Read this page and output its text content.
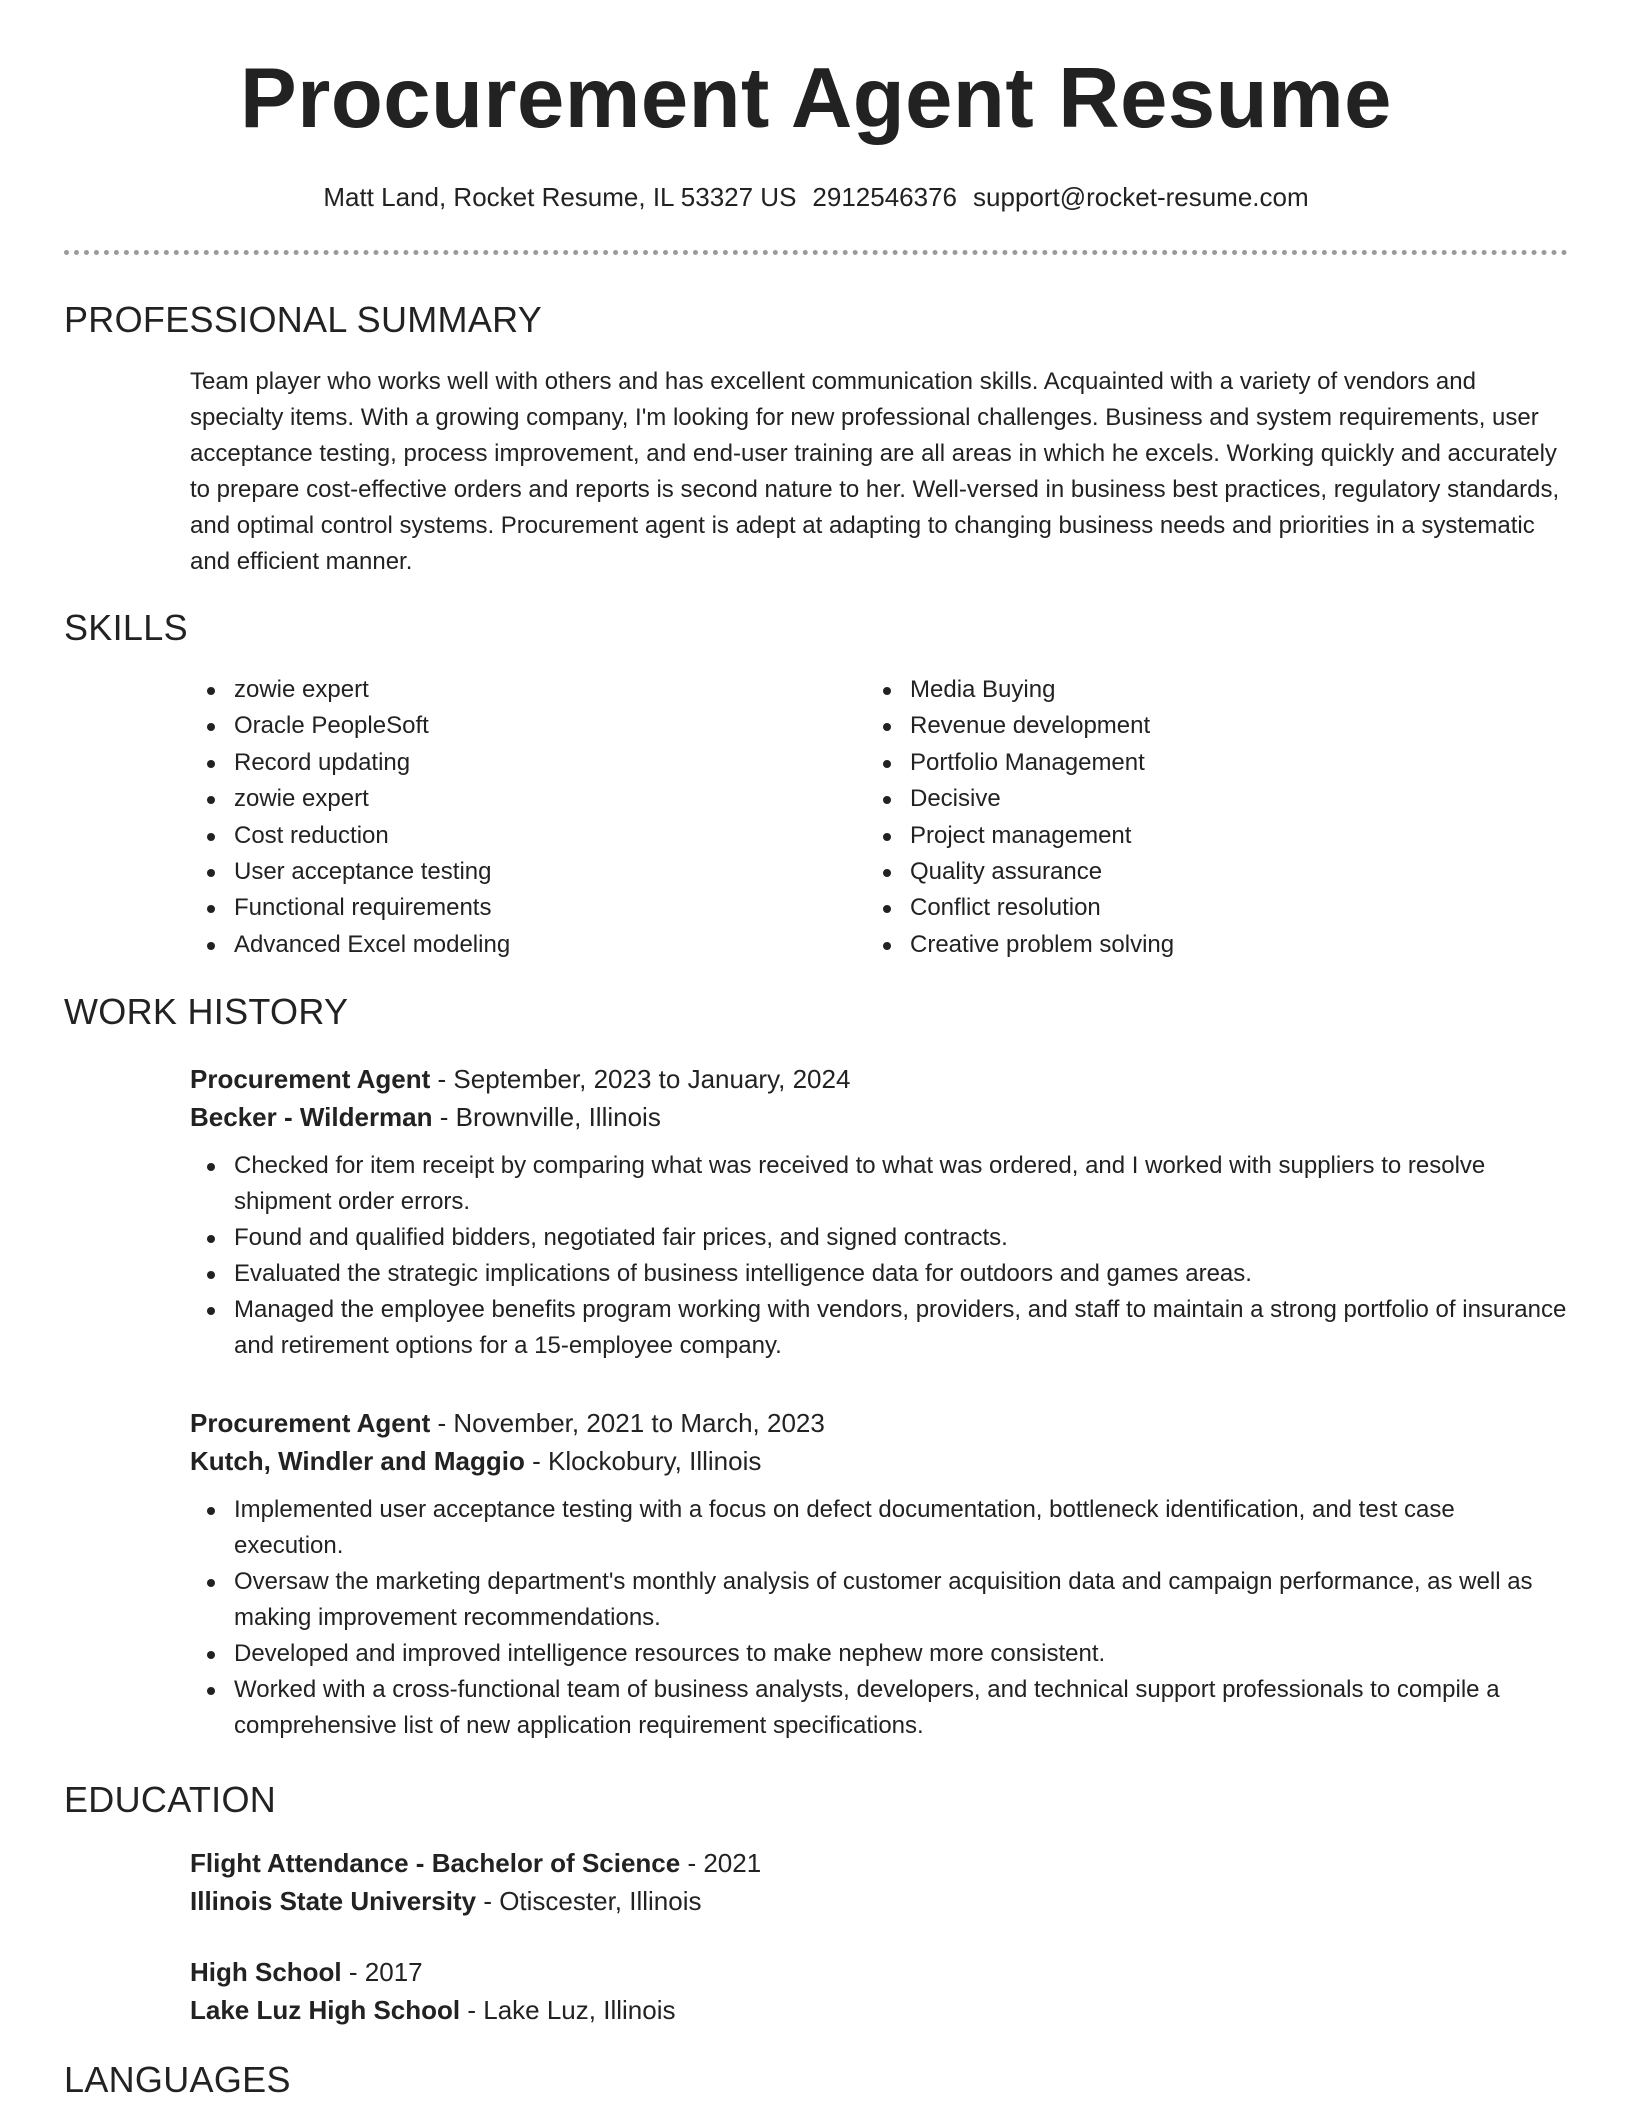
Procurement Agent Resume
Matt Land, Rocket Resume, IL 53327 US 2912546376 support@rocket-resume.com
PROFESSIONAL SUMMARY

Team player who works well with others and has excellent communication skills. Acquainted with a variety of vendors and specialty items. With a growing company, I'm looking for new professional challenges. Business and system requirements, user acceptance testing, process improvement, and end-user training are all areas in which he excels. Working quickly and accurately to prepare cost-effective orders and reports is second nature to her. Well-versed in business best practices, regulatory standards, and optimal control systems. Procurement agent is adept at adapting to changing business needs and priorities in a systematic and efficient manner.

SKILLS
zowie expert
Oracle PeopleSoft
Record updating
zowie expert
Cost reduction
User acceptance testing
Functional requirements
Advanced Excel modeling
Media Buying
Revenue development
Portfolio Management
Decisive
Project management
Quality assurance
Conflict resolution
Creative problem solving
WORK HISTORY
Procurement Agent - September, 2023 to January, 2024
Becker - Wilderman - Brownville, Illinois
Checked for item receipt by comparing what was received to what was ordered, and I worked with suppliers to resolve shipment order errors.
Found and qualified bidders, negotiated fair prices, and signed contracts.
Evaluated the strategic implications of business intelligence data for outdoors and games areas.
Managed the employee benefits program working with vendors, providers, and staff to maintain a strong portfolio of insurance and retirement options for a 15-employee company.
Procurement Agent - November, 2021 to March, 2023
Kutch, Windler and Maggio - Klockobury, Illinois
Implemented user acceptance testing with a focus on defect documentation, bottleneck identification, and test case execution.
Oversaw the marketing department's monthly analysis of customer acquisition data and campaign performance, as well as making improvement recommendations.
Developed and improved intelligence resources to make nephew more consistent.
Worked with a cross-functional team of business analysts, developers, and technical support professionals to compile a comprehensive list of new application requirement specifications.
EDUCATION
Flight Attendance - Bachelor of Science - 2021
Illinois State University - Otiscester, Illinois
High School - 2017
Lake Luz High School - Lake Luz, Illinois
LANGUAGES
